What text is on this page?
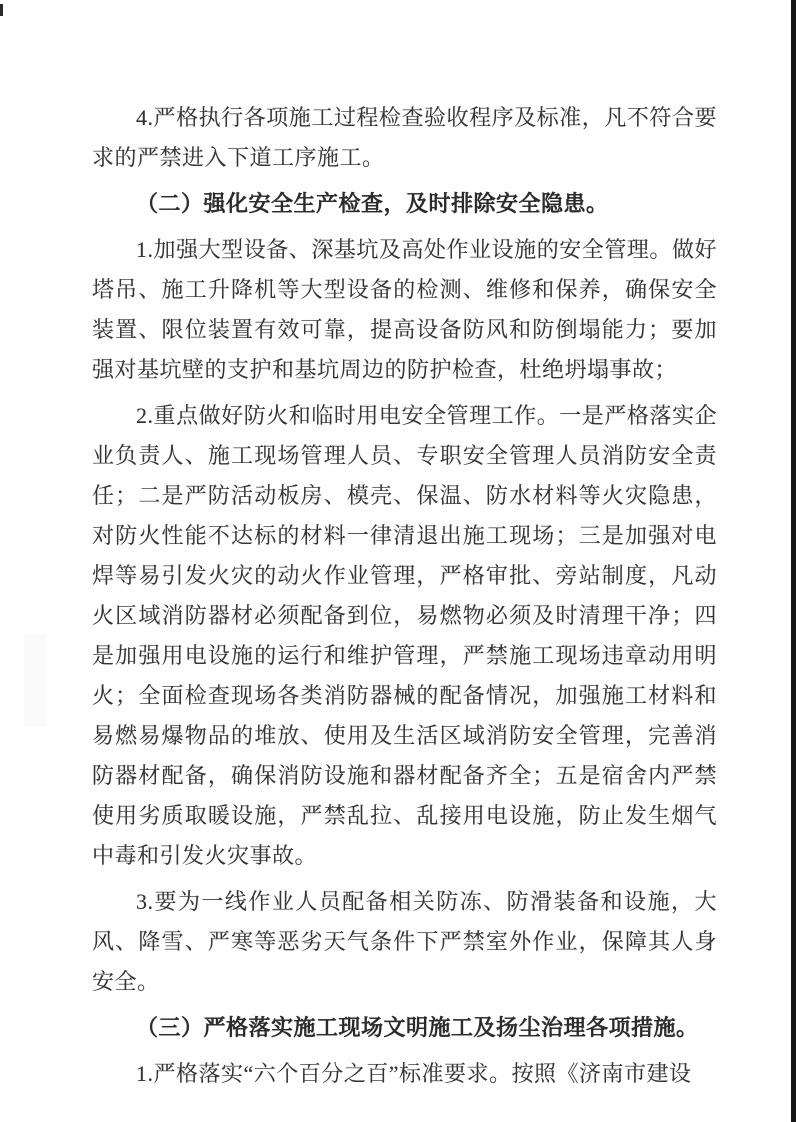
4.严格执行各项施工过程检查验收程序及标准，凡不符合要求的严禁进入下道工序施工。

（二）强化安全生产检查，及时排除安全隐患。

1.加强大型设备、深基坑及高处作业设施的安全管理。做好塔吊、施工升降机等大型设备的检测、维修和保养，确保安全装置、限位装置有效可靠，提高设备防风和防倒塌能力；要加强对基坑壁的支护和基坑周边的防护检查，杜绝坍塌事故；

2.重点做好防火和临时用电安全管理工作。一是严格落实企业负责人、施工现场管理人员、专职安全管理人员消防安全责任；二是严防活动板房、模壳、保温、防水材料等火灾隐患，对防火性能不达标的材料一律清退出施工现场；三是加强对电焊等易引发火灾的动火作业管理，严格审批、旁站制度，凡动火区域消防器材必须配备到位，易燃物必须及时清理干净；四是加强用电设施的运行和维护管理，严禁施工现场违章动用明火；全面检查现场各类消防器械的配备情况，加强施工材料和易燃易爆物品的堆放、使用及生活区域消防安全管理，完善消防器材配备，确保消防设施和器材配备齐全；五是宿舍内严禁使用劣质取暖设施，严禁乱拉、乱接用电设施，防止发生烟气中毒和引发火灾事故。

3.要为一线作业人员配备相关防冻、防滑装备和设施，大风、降雪、严寒等恶劣天气条件下严禁室外作业，保障其人身安全。

（三）严格落实施工现场文明施工及扬尘治理各项措施。

1.严格落实“六个百分之百”标准要求。按照《济南市建设
